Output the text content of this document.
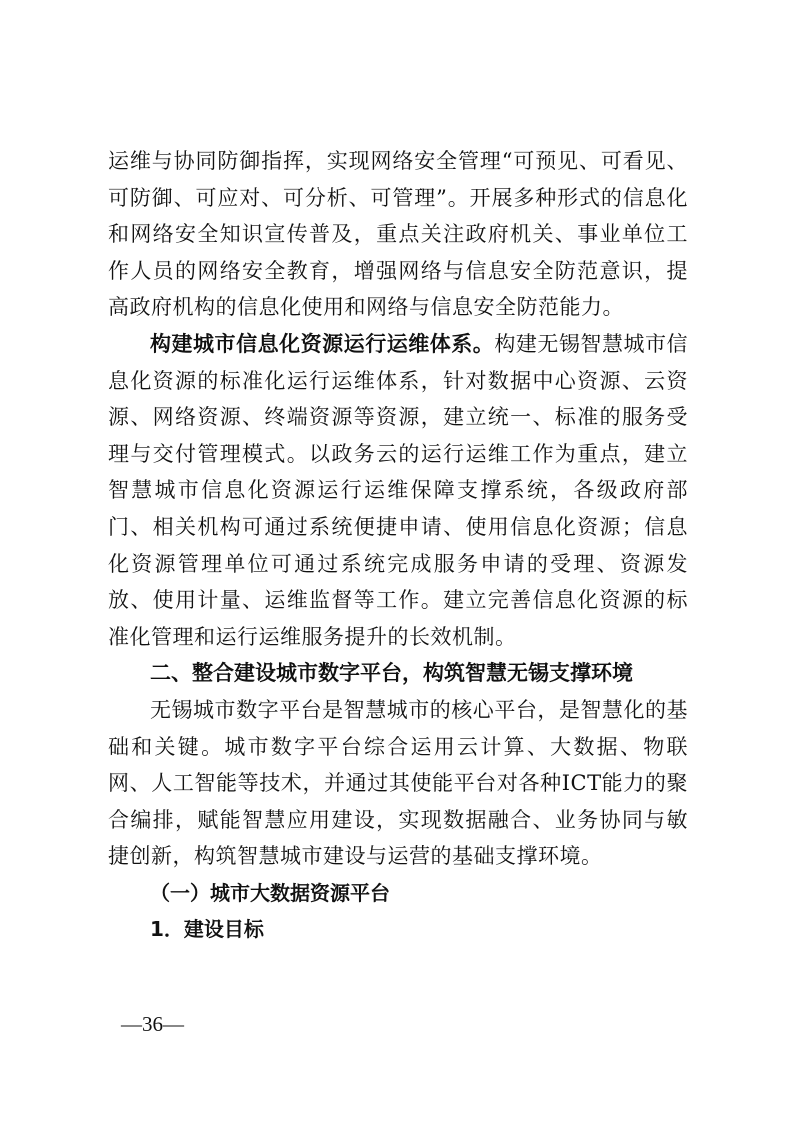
运维与协同防御指挥，实现网络安全管理“可预见、可看见、可防御、可应对、可分析、可管理”。开展多种形式的信息化和网络安全知识宣传普及，重点关注政府机关、事业单位工作人员的网络安全教育，增强网络与信息安全防范意识，提高政府机构的信息化使用和网络与信息安全防范能力。

构建城市信息化资源运行运维体系。构建无锡智慧城市信息化资源的标准化运行运维体系，针对数据中心资源、云资源、网络资源、终端资源等资源，建立统一、标准的服务受理与交付管理模式。以政务云的运行运维工作为重点，建立智慧城市信息化资源运行运维保障支撑系统，各级政府部门、相关机构可通过系统便捷申请、使用信息化资源；信息化资源管理单位可通过系统完成服务申请的受理、资源发放、使用计量、运维监督等工作。建立完善信息化资源的标准化管理和运行运维服务提升的长效机制。

二、整合建设城市数字平台，构筑智慧无锡支撑环境

无锡城市数字平台是智慧城市的核心平台，是智慧化的基础和关键。城市数字平台综合运用云计算、大数据、物联网、人工智能等技术，并通过其使能平台对各种ICT能力的聚合编排，赋能智慧应用建设，实现数据融合、业务协同与敏捷创新，构筑智慧城市建设与运营的基础支撑环境。

（一）城市大数据资源平台

1．建设目标

—36—
